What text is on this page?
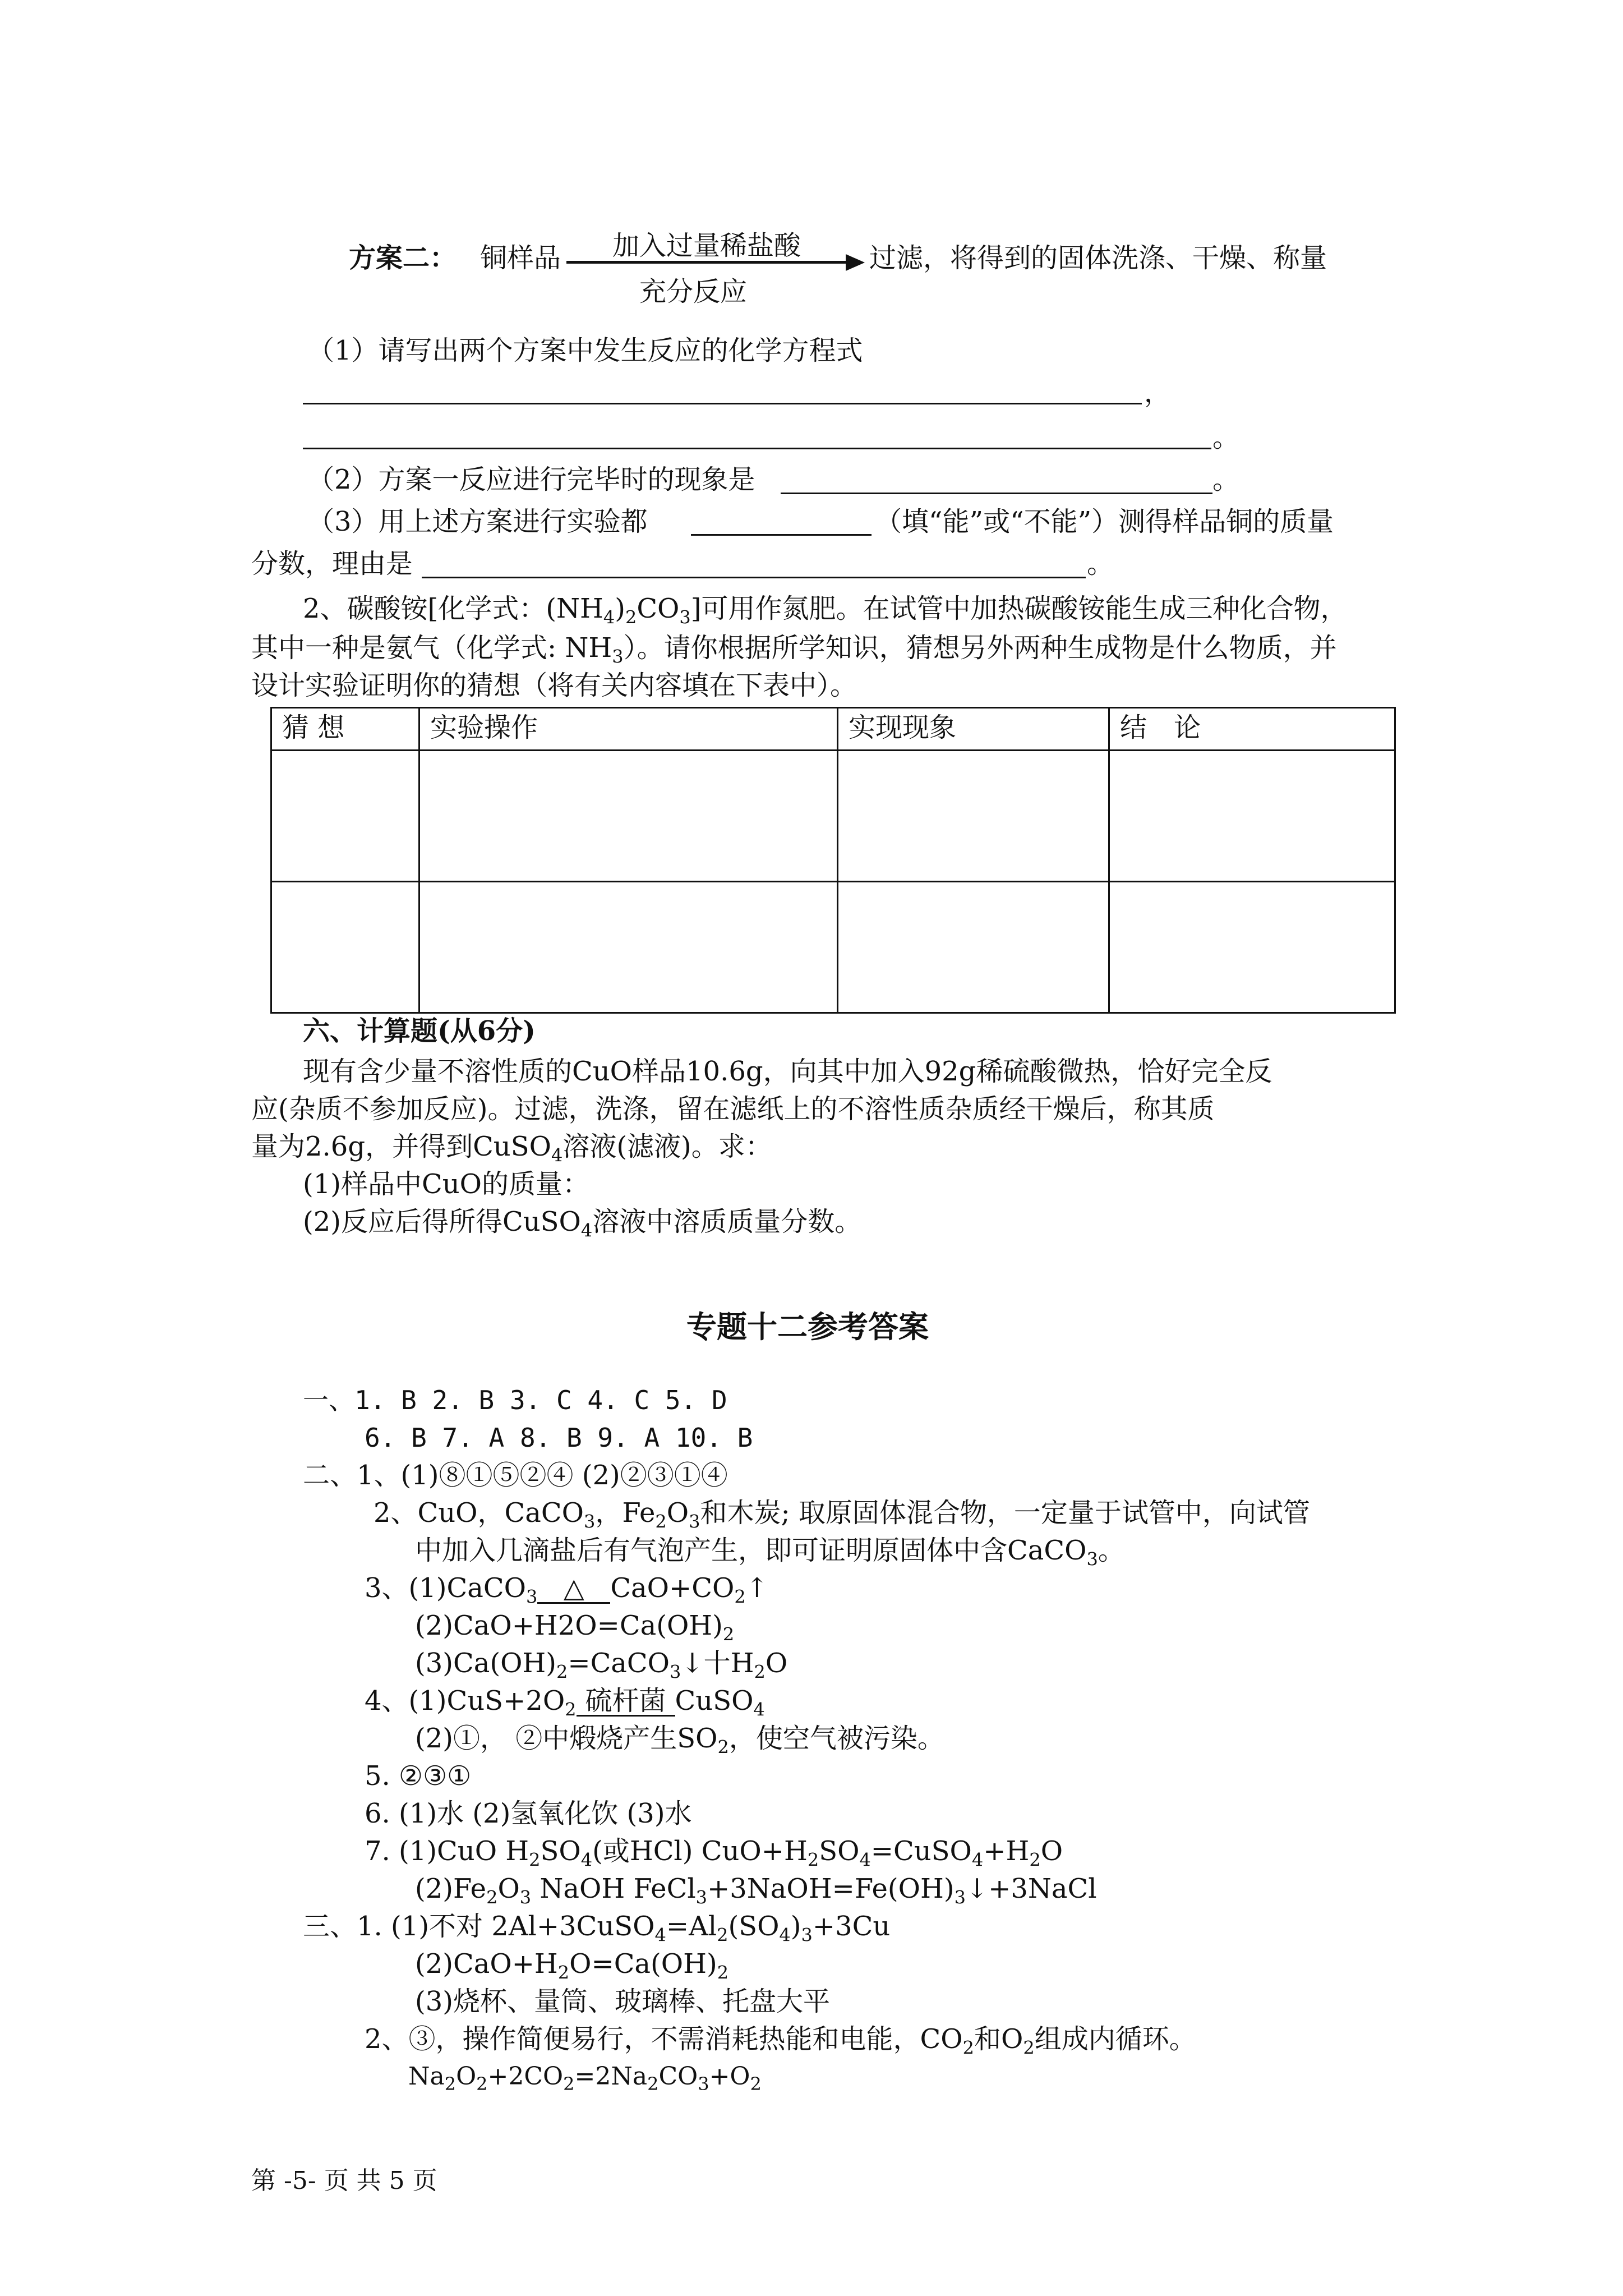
方案二： 铜样品 加入过量稀盐酸
充分反应
过滤，将得到的固体洗涤、干燥、称量
（1）请写出两个方案中发生反应的化学方程式
，
。
（2）方案一反应进行完毕时的现象是	。
（3）用上述方案进行实验都	（填“能”或“不能”）测得样品铜的质量
分数，理由是	。
2、碳酸铵[化学式：$(NH_4)_2CO_3$]可用作氮肥。在试管中加热碳酸铵能生成三种化合物，
其中一种是氨气（化学式: $NH_3$）。请你根据所学知识，猜想另外两种生成物是什么物质，并
设计实验证明你的猜想（将有关内容填在下表中）。
猜 想	实验操作	实现现象	结　论

六、计算题(从6分)
现有含少量不溶性质的CuO样品10.6g，向其中加入92g稀硫酸微热，恰好完全反
应(杂质不参加反应)。过滤，洗涤，留在滤纸上的不溶性质杂质经干燥后，称其质
量为2.6g，并得到CuSO$_4$溶液(滤液)。求：
(1)样品中CuO的质量：
(2)反应后得所得CuSO$_4$溶液中溶质质量分数。
专题十二参考答案
一、1. B 2. B 3. C 4. C 5. D
6. B 7. A 8. B 9. A 10. B
二、1、(1)⑧①⑤②④ (2)②③①④
2、CuO，CaCO$_3$，$Fe_2O_3$和木炭; 取原固体混合物，一定量于试管中，向试管
中加入几滴盐后有气泡产生，即可证明原固体中含CaCO$_3$。
3、(1)CaCO$_3$ △ $CaO+CO_2↑$
$(2)CaO+H2O=Ca(OH)_2$
$(3)Ca(OH)_2=CaCO_3↓$十$H_2O$
4、$(1)CuS+2O_2$ 硫杆菌 CuSO$_4$
(2)①， ②中煅烧产生$SO_2$，使空气被污染。
5. ②③①
6. (1)水 (2)氢氧化饮 (3)水
7. (1)CuO $H_2SO_4$(或HCl) $CuO+H_2SO_4=CuSO_4+H_2O$
$(2)Fe_2O_3$ NaOH $FeCl_3+3NaOH=Fe(OH)_3↓+3NaCl$
三、1. (1)不对 $2Al+3CuSO_4=Al_2(SO_4)_3+3Cu$
$(2)CaO+H_2O=Ca(OH)_2$
(3)烧杯、量筒、玻璃棒、托盘大平
2、③，操作简便易行，不需消耗热能和电能，$CO_2$和$O_2$组成内循环。
$Na_2O_2+2CO_2=2Na_2CO_3+O_2$
第 -5- 页 共 5 页
